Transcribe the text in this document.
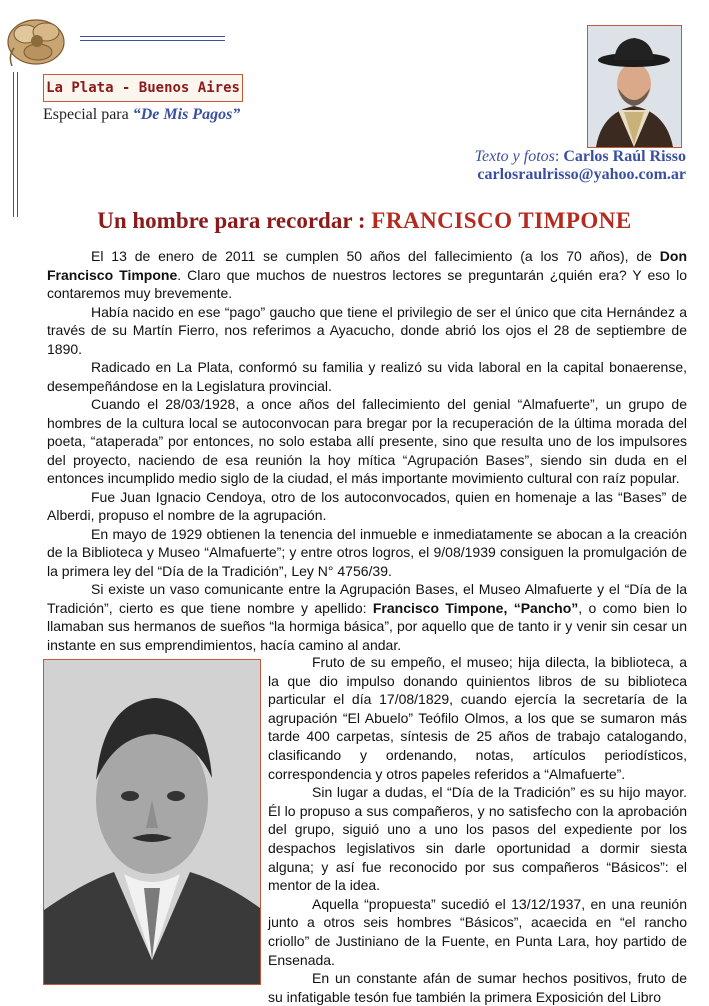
La Plata - Buenos Aires
Especial para “De Mis Pagos”
Texto y fotos: Carlos Raúl Risso
carlosraulrisso@yahoo.com.ar
Un hombre para recordar : FRANCISCO TIMPONE

El 13 de enero de 2011 se cumplen 50 años del fallecimiento (a los 70 años), de Don Francisco Timpone. Claro que muchos de nuestros lectores se preguntarán ¿quién era? Y eso lo contaremos muy brevemente.

Había nacido en ese “pago” gaucho que tiene el privilegio de ser el único que cita Hernández a través de su Martín Fierro, nos referimos a Ayacucho, donde abrió los ojos el 28 de septiembre de 1890.

Radicado en La Plata, conformó su familia y realizó su vida laboral en la capital bonaerense, desempeñándose en la Legislatura provincial.

Cuando el 28/03/1928, a once años del fallecimiento del genial “Almafuerte”, un grupo de hombres de la cultura local se autoconvocan para bregar por la recuperación de la última morada del poeta, “ataperada” por entonces, no solo estaba allí presente, sino que resulta uno de los impulsores del proyecto, naciendo de esa reunión la hoy mítica “Agrupación Bases”, siendo sin duda en el entonces incumplido medio siglo de la ciudad, el más importante movimiento cultural con raíz popular.

Fue Juan Ignacio Cendoya, otro de los autoconvocados, quien en homenaje a las “Bases” de Alberdi, propuso el nombre de la agrupación.

En mayo de 1929 obtienen la tenencia del inmueble e inmediatamente se abocan a la creación de la Biblioteca y Museo “Almafuerte”; y entre otros logros, el 9/08/1939 consiguen la promulgación de la primera ley del “Día de la Tradición”, Ley N° 4756/39.

Si existe un vaso comunicante entre la Agrupación Bases, el Museo Almafuerte y el “Día de la Tradición”, cierto es que tiene nombre y apellido: Francisco Timpone, “Pancho”, o como bien lo llamaban sus hermanos de sueños “la hormiga básica”, por aquello que de tanto ir y venir sin cesar un instante en sus emprendimientos, hacía camino al andar.

Fruto de su empeño, el museo; hija dilecta, la biblioteca, a la que dio impulso donando quinientos libros de su biblioteca particular el día 17/08/1829, cuando ejercía la secretaría de la agrupación “El Abuelo” Teófilo Olmos, a los que se sumaron más tarde 400 carpetas, síntesis de 25 años de trabajo catalogando, clasificando y ordenando, notas, artículos periodísticos, correspondencia y otros papeles referidos a “Almafuerte”.

Sin lugar a dudas, el “Día de la Tradición” es su hijo mayor. Él lo propuso a sus compañeros, y no satisfecho con la aprobación del grupo, siguió uno a uno los pasos del expediente por los despachos legislativos sin darle oportunidad a dormir siesta alguna; y así fue reconocido por sus compañeros “Básicos”: el mentor de la idea.

Aquella “propuesta” sucedió el 13/12/1937, en una reunión junto a otros seis hombres “Básicos”, acaecida en “el rancho criollo” de Justiniano de la Fuente, en Punta Lara, hoy partido de Ensenada.

En un constante afán de sumar hechos positivos, fruto de su infatigable tesón fue también la primera Exposición del Libro
